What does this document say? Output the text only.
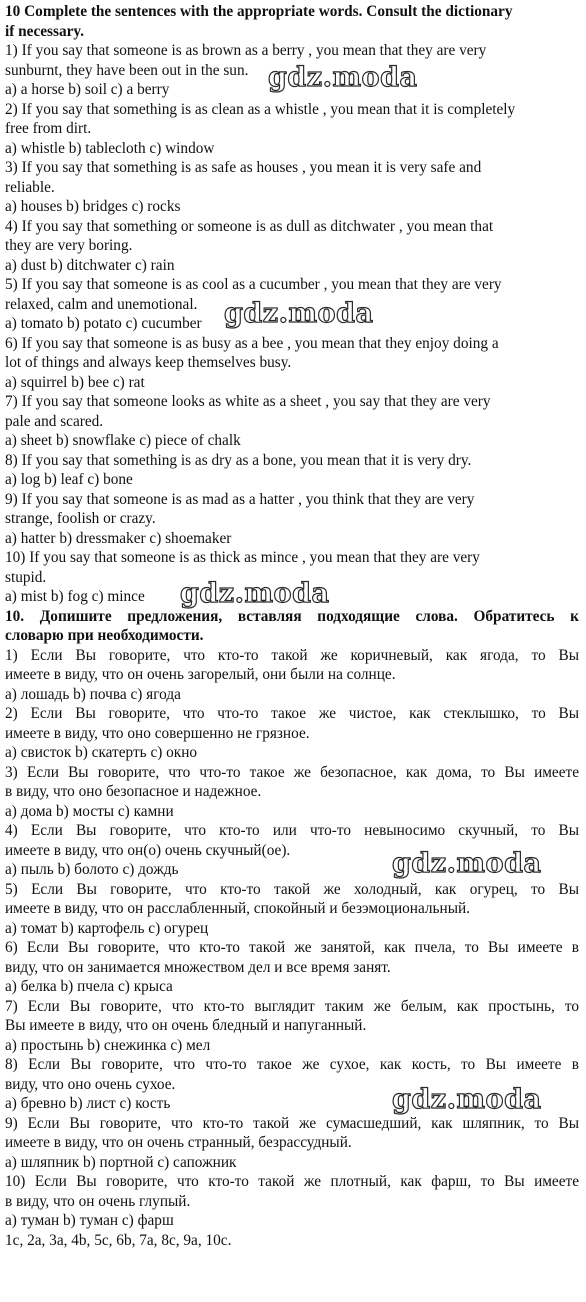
10 Complete the sentences with the appropriate words. Consult the dictionary
if necessary.
1) If you say that someone is as brown as a berry , you mean that they are very
sunburnt, they have been out in the sun.
a) a horse b) soil c) a berry
2) If you say that something is as clean as a whistle , you mean that it is completely
free from dirt.
a) whistle b) tablecloth c) window
3) If you say that something is as safe as houses , you mean it is very safe and
reliable.
a) houses b) bridges c) rocks
4) If you say that something or someone is as dull as ditchwater , you mean that
they are very boring.
a) dust b) ditchwater c) rain
5) If you say that someone is as cool as a cucumber , you mean that they are very
relaxed, calm and unemotional.
a) tomato b) potato c) cucumber
6) If you say that someone is as busy as a bee , you mean that they enjoy doing a
lot of things and always keep themselves busy.
a) squirrel b) bee c) rat
7) If you say that someone looks as white as a sheet , you say that they are very
pale and scared.
a) sheet b) snowflake c) piece of chalk
8) If you say that something is as dry as a bone, you mean that it is very dry.
a) log b) leaf c) bone
9) If you say that someone is as mad as a hatter , you think that they are very
strange, foolish or crazy.
a) hatter b) dressmaker c) shoemaker
10) If you say that someone is as thick as mince , you mean that they are very
stupid.
a) mist b) fog c) mince
10. Допишите предложения, вставляя подходящие слова. Обратитесь к
словарю при необходимости.
1) Если Вы говорите, что кто-то такой же коричневый, как ягода, то Вы
имеете в виду, что он очень загорелый, они были на солнце.
a) лошадь b) почва c) ягода
2) Если Вы говорите, что что-то такое же чистое, как стеклышко, то Вы
имеете в виду, что оно совершенно не грязное.
a) свисток b) скатерть c) окно
3) Если Вы говорите, что что-то такое же безопасное, как дома, то Вы имеете
в виду, что оно безопасное и надежное.
a) дома b) мосты c) камни
4) Если Вы говорите, что кто-то или что-то невыносимо скучный, то Вы
имеете в виду, что он(о) очень скучный(ое).
a) пыль b) болото c) дождь
5) Если Вы говорите, что кто-то такой же холодный, как огурец, то Вы
имеете в виду, что он расслабленный, спокойный и безэмоциональный.
a) томат b) картофель c) огурец
6) Если Вы говорите, что кто-то такой же занятой, как пчела, то Вы имеете в
виду, что он занимается множеством дел и все время занят.
a) белка b) пчела c) крыса
7) Если Вы говорите, что кто-то выглядит таким же белым, как простынь, то
Вы имеете в виду, что он очень бледный и напуганный.
a) простынь b) снежинка c) мел
8) Если Вы говорите, что что-то такое же сухое, как кость, то Вы имеете в
виду, что оно очень сухое.
a) бревно b) лист c) кость
9) Если Вы говорите, что кто-то такой же сумасшедший, как шляпник, то Вы
имеете в виду, что он очень странный, безрассудный.
a) шляпник b) портной c) сапожник
10) Если Вы говорите, что кто-то такой же плотный, как фарш, то Вы имеете
в виду, что он очень глупый.
a) туман b) туман c) фарш
1c, 2a, 3a, 4b, 5c, 6b, 7a, 8c, 9a, 10c.
gdz.moda
gdz.moda
gdz.moda
gdz.moda
gdz.moda
